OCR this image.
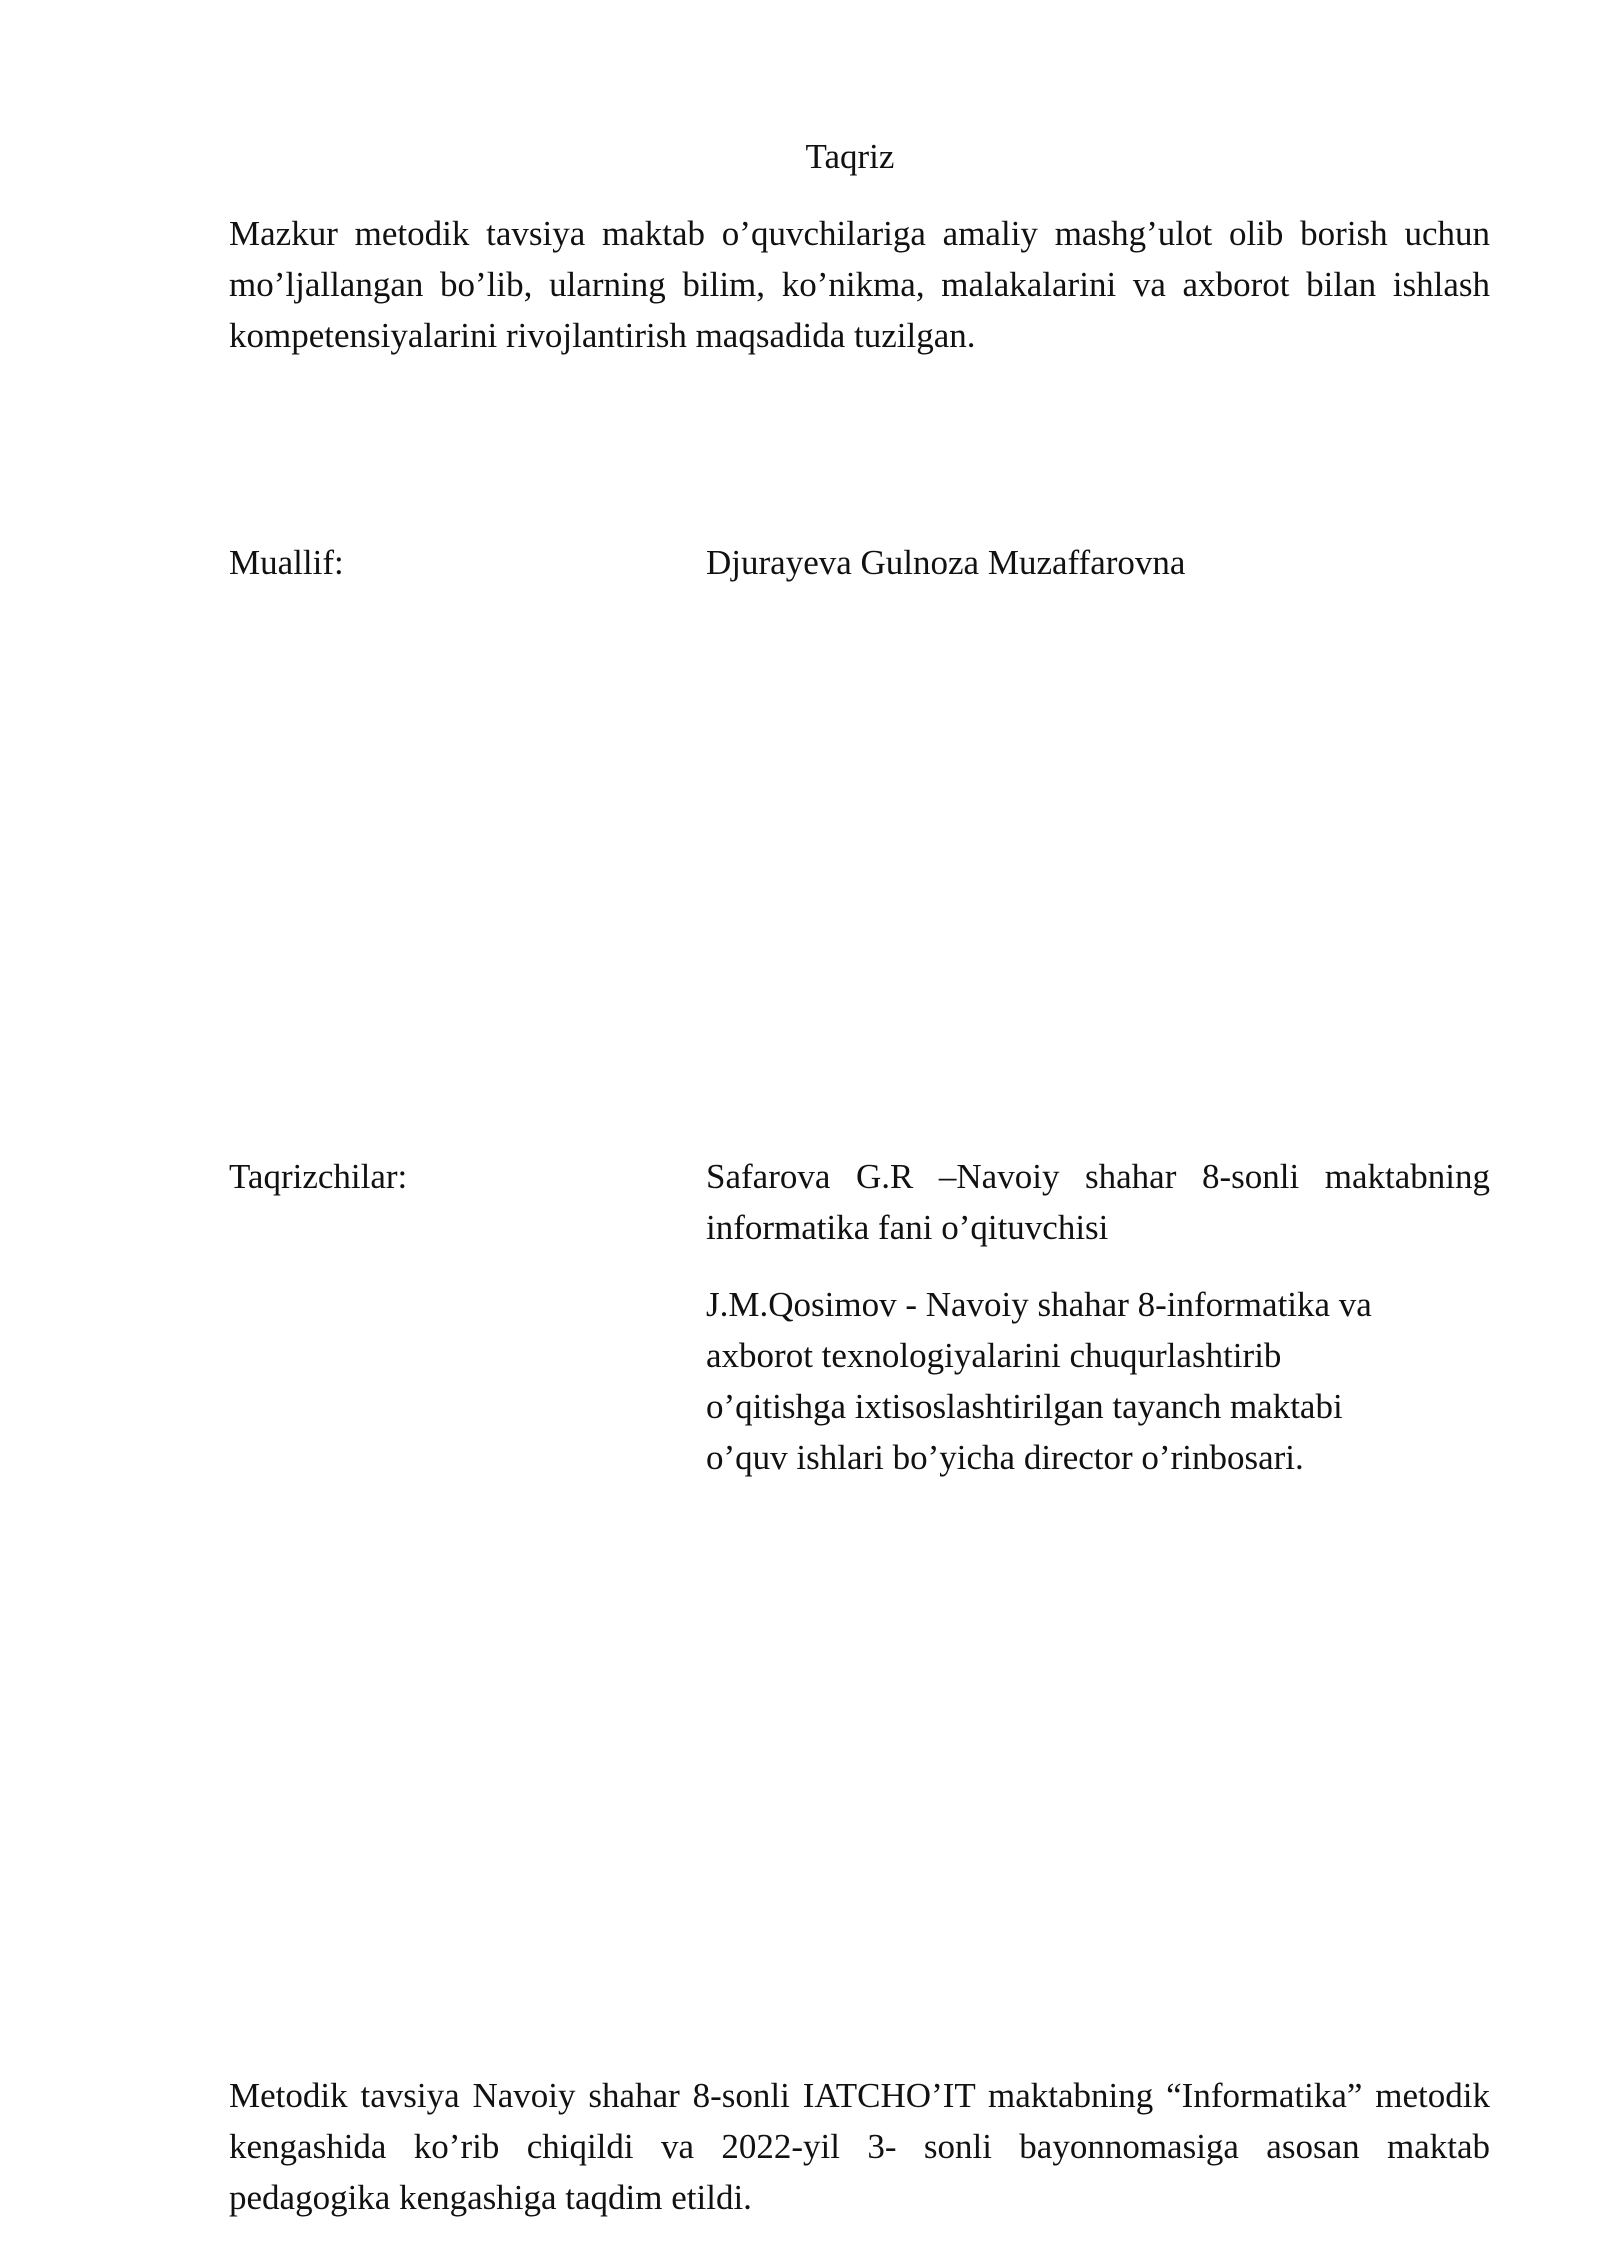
Taqriz

Mazkur metodik tavsiya maktab o’quvchilariga amaliy mashg’ulot olib borish uchun mo’ljallangan bo’lib, ularning bilim, ko’nikma, malakalarini va axborot bilan ishlash kompetensiyalarini rivojlantirish maqsadida tuzilgan.

Muallif:	Djurayeva Gulnoza Muzaffarovna

Taqrizchilar:	Safarova G.R –Navoiy shahar 8-sonli maktabning informatika fani o’qituvchisi

J.M.Qosimov - Navoiy shahar 8-informatika va
axborot texnologiyalarini chuqurlashtirib
o’qitishga ixtisoslashtirilgan tayanch maktabi
o’quv ishlari bo’yicha director o’rinbosari.

Metodik tavsiya Navoiy shahar 8-sonli IATCHO’IT maktabning “Informatika” metodik kengashida ko’rib chiqildi va 2022-yil 3- sonli bayonnomasiga asosan maktab pedagogika kengashiga taqdim etildi.
